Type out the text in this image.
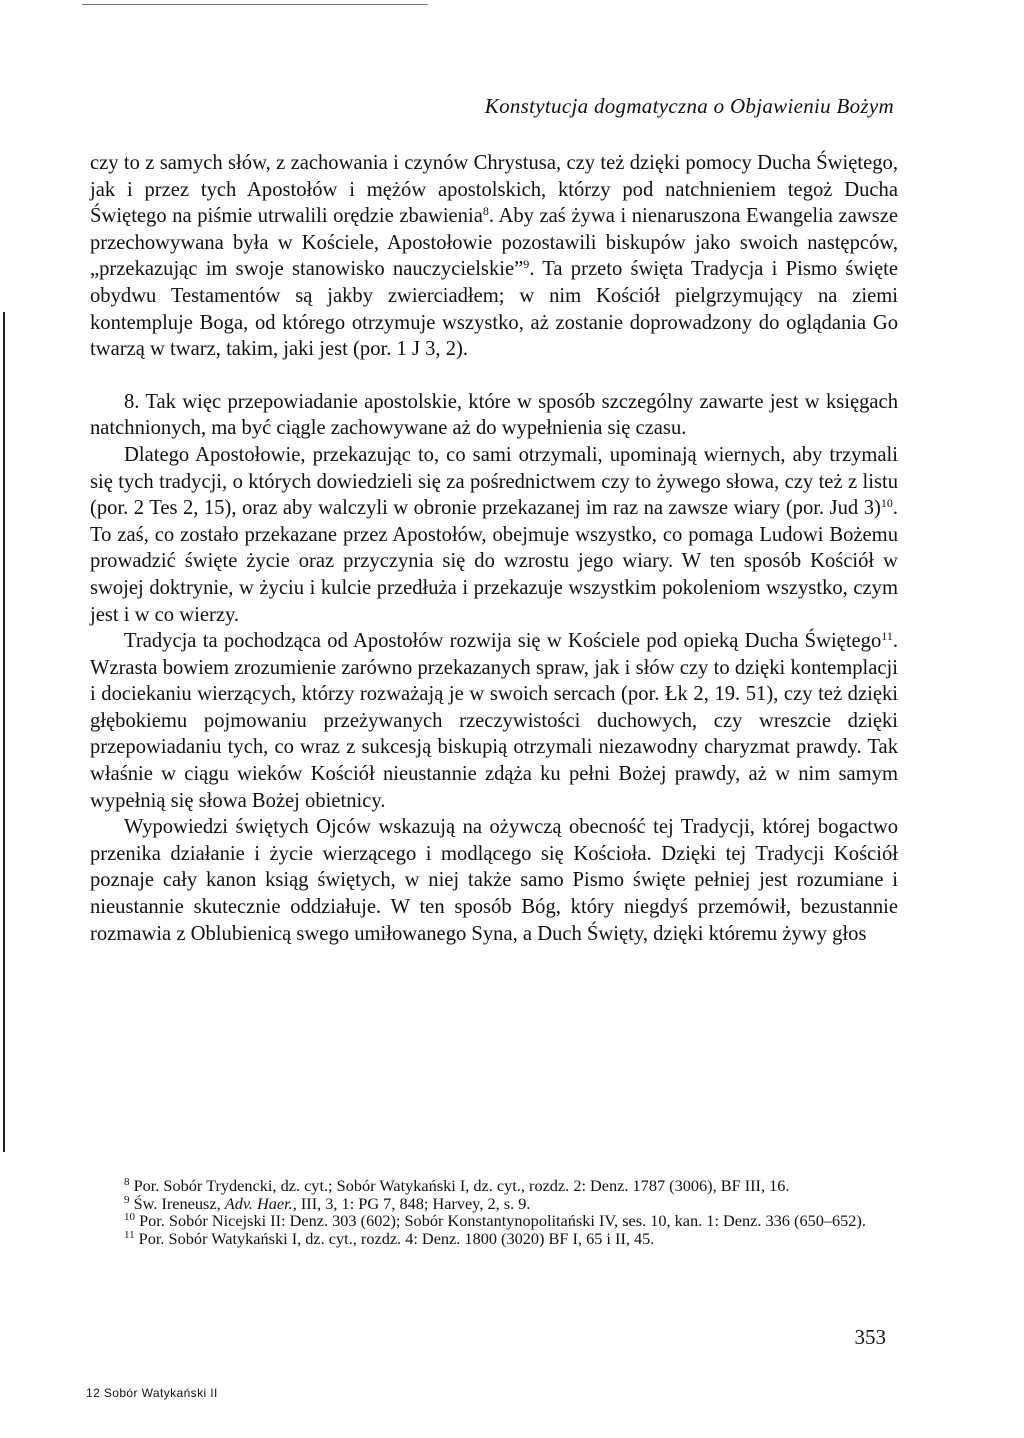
Konstytucja dogmatyczna o Objawieniu Bożym

czy to z samych słów, z zachowania i czynów Chrystusa, czy też dzięki pomocy Ducha Świętego, jak i przez tych Apostołów i mężów apostolskich, którzy pod natchnieniem tegoż Ducha Świętego na piśmie utrwalili orędzie zbawienia$^8$. Aby zaś żywa i nienaruszona Ewangelia zawsze przechowywana była w Kościele, Apostołowie pozostawili biskupów jako swoich następców, „przekazując im swoje stanowisko nauczycielskie”$^9$. Ta przeto święta Tradycja i Pismo święte obydwu Testamentów są jakby zwierciadłem; w nim Kościół pielgrzymujący na ziemi kontempluje Boga, od którego otrzymuje wszystko, aż zostanie doprowadzony do oglądania Go twarzą w twarz, takim, jaki jest (por. 1 J 3, 2).

8. Tak więc przepowiadanie apostolskie, które w sposób szczególny zawarte jest w księgach natchnionych, ma być ciągle zachowywane aż do wypełnienia się czasu.

Dlatego Apostołowie, przekazując to, co sami otrzymali, upominają wiernych, aby trzymali się tych tradycji, o których dowiedzieli się za pośrednictwem czy to żywego słowa, czy też z listu (por. 2 Tes 2, 15), oraz aby walczyli w obronie przekazanej im raz na zawsze wiary (por. Jud 3)$^{10}$. To zaś, co zostało przekazane przez Apostołów, obejmuje wszystko, co pomaga Ludowi Bożemu prowadzić święte życie oraz przyczynia się do wzrostu jego wiary. W ten sposób Kościół w swojej doktrynie, w życiu i kulcie przedłuża i przekazuje wszystkim pokoleniom wszystko, czym jest i w co wierzy.

Tradycja ta pochodząca od Apostołów rozwija się w Kościele pod opieką Ducha Świętego$^{11}$. Wzrasta bowiem zrozumienie zarówno przekazanych spraw, jak i słów czy to dzięki kontemplacji i dociekaniu wierzących, którzy rozważają je w swoich sercach (por. Łk 2, 19. 51), czy też dzięki głębokiemu pojmowaniu przeżywanych rzeczywistości duchowych, czy wreszcie dzięki przepowiadaniu tych, co wraz z sukcesją biskupią otrzymali niezawodny charyzmat prawdy. Tak właśnie w ciągu wieków Kościół nieustannie zdąża ku pełni Bożej prawdy, aż w nim samym wypełnią się słowa Bożej obietnicy.

Wypowiedzi świętych Ojców wskazują na ożywczą obecność tej Tradycji, której bogactwo przenika działanie i życie wierzącego i modlącego się Kościoła. Dzięki tej Tradycji Kościół poznaje cały kanon ksiąg świętych, w niej także samo Pismo święte pełniej jest rozumiane i nieustannie skutecznie oddziałuje. W ten sposób Bóg, który niegdyś przemówił, bezustannie rozmawia z Oblubienicą swego umiłowanego Syna, a Duch Święty, dzięki któremu żywy głos

$^8$ Por. Sobór Trydencki, dz. cyt.; Sobór Watykański I, dz. cyt., rozdz. 2: Denz. 1787 (3006), BF III, 16.

$^9$ Św. Ireneusz, Adv. Haer., III, 3, 1: PG 7, 848; Harvey, 2, s. 9.

$^{10}$ Por. Sobór Nicejski II: Denz. 303 (602); Sobór Konstantynopolitański IV, ses. 10, kan. 1: Denz. 336 (650–652).

$^{11}$ Por. Sobór Watykański I, dz. cyt., rozdz. 4: Denz. 1800 (3020) BF I, 65 i II, 45.

353
12 Sobór Watykański II
